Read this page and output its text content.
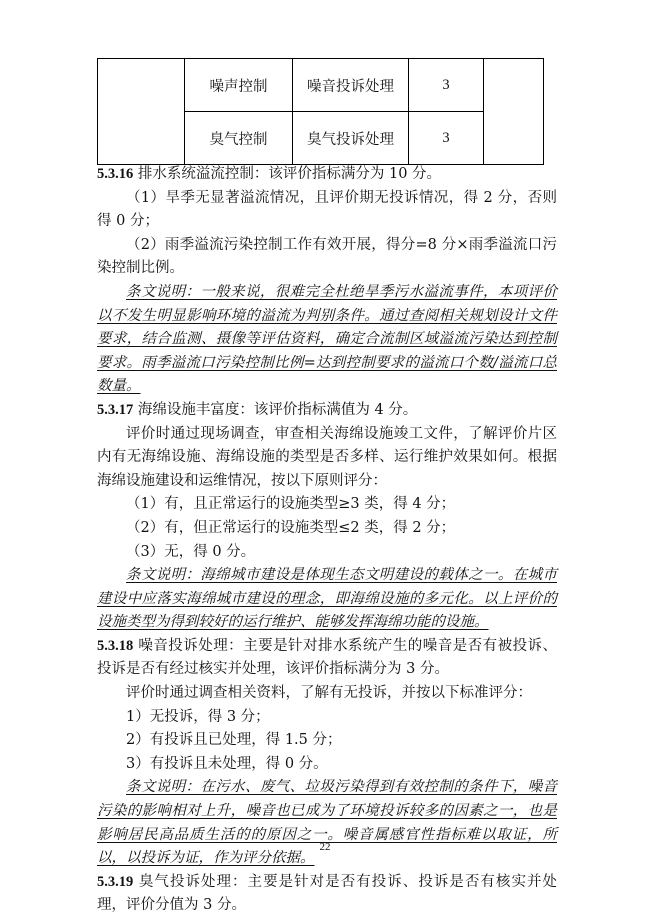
	噪声控制	噪音投诉处理	3	
	臭气控制	臭气投诉处理	3	

5.3.16 排水系统溢流控制：该评价指标满分为 10 分。

（1）旱季无显著溢流情况，且评价期无投诉情况，得 2 分，否则得 0 分；

（2）雨季溢流污染控制工作有效开展，得分=8 分×雨季溢流口污染控制比例。

条文说明：一般来说，很难完全杜绝旱季污水溢流事件，本项评价以不发生明显影响环境的溢流为判别条件。通过查阅相关规划设计文件要求，结合监测、摄像等评估资料，确定合流制区域溢流污染达到控制要求。雨季溢流口污染控制比例=达到控制要求的溢流口个数/溢流口总数量。

5.3.17 海绵设施丰富度：该评价指标满值为 4 分。

评价时通过现场调查，审查相关海绵设施竣工文件，了解评价片区内有无海绵设施、海绵设施的类型是否多样、运行维护效果如何。根据海绵设施建设和运维情况，按以下原则评分：

（1）有，且正常运行的设施类型≥3 类，得 4 分；

（2）有，但正常运行的设施类型≤2 类，得 2 分；

（3）无，得 0 分。

条文说明：海绵城市建设是体现生态文明建设的载体之一。在城市建设中应落实海绵城市建设的理念，即海绵设施的多元化。以上评价的设施类型为得到较好的运行维护、能够发挥海绵功能的设施。

5.3.18 噪音投诉处理：主要是针对排水系统产生的噪音是否有被投诉、投诉是否有经过核实并处理，该评价指标满分为 3 分。

评价时通过调查相关资料，了解有无投诉，并按以下标准评分：

1）无投诉，得 3 分；

2）有投诉且已处理，得 1.5 分；

3）有投诉且未处理，得 0 分。

条文说明：在污水、废气、垃圾污染得到有效控制的条件下，噪音污染的影响相对上升，噪音也已成为了环境投诉较多的因素之一，也是影响居民高品质生活的的原因之一。噪音属感官性指标难以取证，所以，以投诉为证，作为评分依据。

5.3.19 臭气投诉处理：主要是针对是否有投诉、投诉是否有核实并处理，评价分值为 3 分。

22
